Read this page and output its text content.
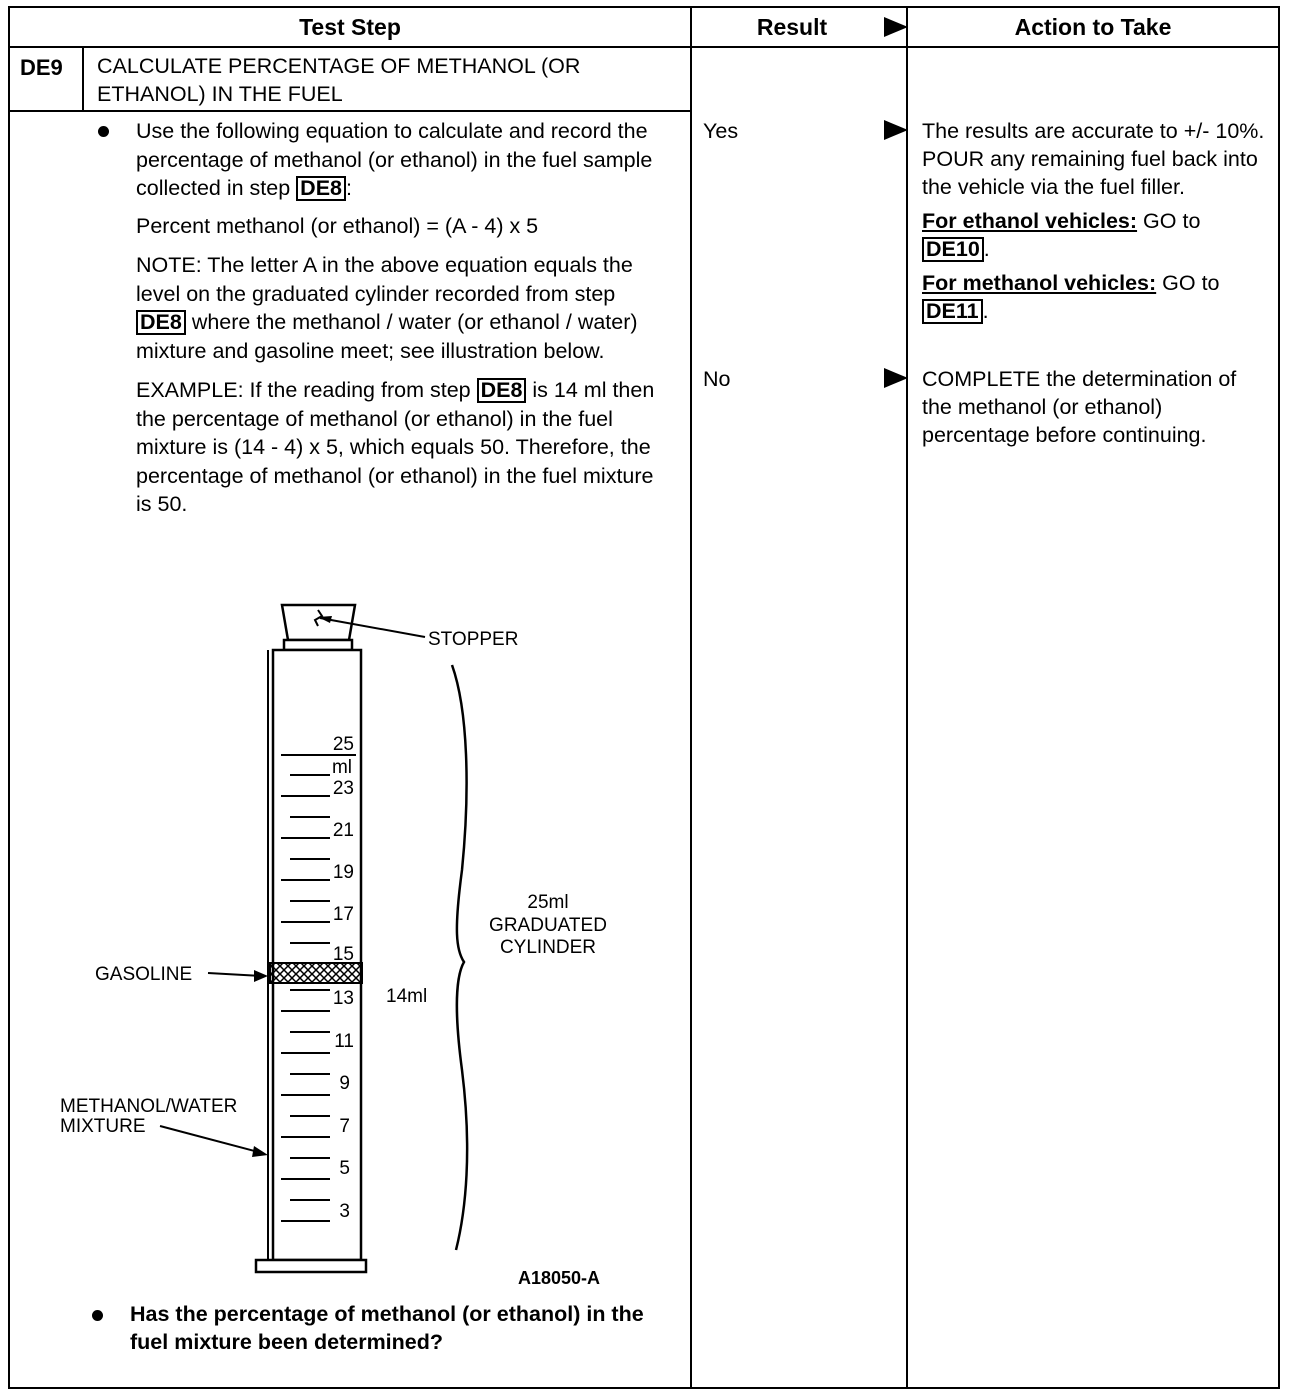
Test Step	Result	Action to Take
DE9 CALCULATE PERCENTAGE OF METHANOL (OR ETHANOL) IN THE FUEL

Use the following equation to calculate and record the percentage of methanol (or ethanol) in the fuel sample collected in step DE8 :

Percent methanol (or ethanol) = (A - 4) x 5

NOTE: The letter A in the above equation equals the level on the graduated cylinder recorded from step DE8 where the methanol / water (or ethanol / water) mixture and gasoline meet; see illustration below.

EXAMPLE: If the reading from step DE8 is 14 ml then the percentage of methanol (or ethanol) in the fuel mixture is (14 - 4) x 5, which equals 50. Therefore, the percentage of methanol (or ethanol) in the fuel mixture is 50.

STOPPER
25
ml
23
21
19
17
15
13
11
9
7
5
3
GASOLINE
METHANOL/WATER
MIXTURE
14ml
25ml
GRADUATED
CYLINDER
A18050-A
Has the percentage of methanol (or ethanol) in the fuel mixture been determined?
Yes
No

The results are accurate to +/- 10%. POUR any remaining fuel back into the vehicle via the fuel filler.

For ethanol vehicles: GO to DE10 .

For methanol vehicles: GO to DE11 .

COMPLETE the determination of the methanol (or ethanol) percentage before continuing.
